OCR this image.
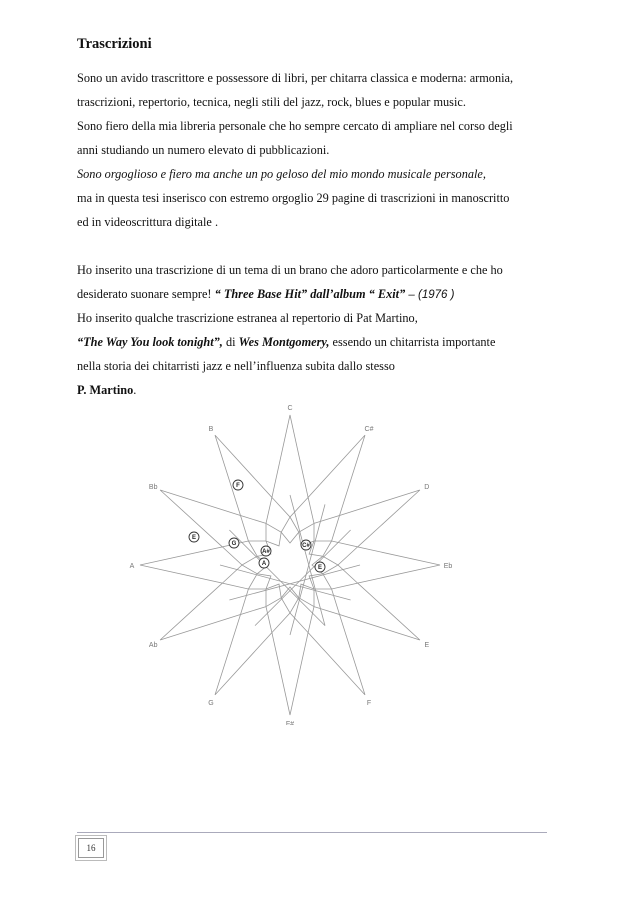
Trascrizioni
Sono un avido trascrittore e possessore di libri, per chitarra classica e moderna: armonia,
trascrizioni, repertorio, tecnica, negli stili del jazz, rock, blues e popular music.
Sono fiero della mia libreria personale che ho sempre cercato di ampliare nel corso degli
anni studiando un numero elevato di pubblicazioni.
Sono orgoglioso e fiero ma anche un po geloso del mio mondo musicale personale,
ma in questa tesi inserisco con estremo orgoglio 29 pagine di trascrizioni in manoscritto
ed in videoscrittura digitale .
Ho inserito una trascrizione di un tema di un brano che adoro particolarmente e che ho
desiderato suonare sempre! “ Three Base Hit” dall’album “ Exit” – (1976 )
Ho inserito qualche trascrizione estranea al repertorio di Pat Martino,
“The Way You look tonight”, di Wes Montgomery, essendo un chitarrista importante
nella storia dei chitarristi jazz e nell’influenza subita dallo stesso
P. Martino.
C
C#
D
Eb
E
F
F#
G
Ab
A
Bb
B
F
E
G
A#
A
C#
E
16
